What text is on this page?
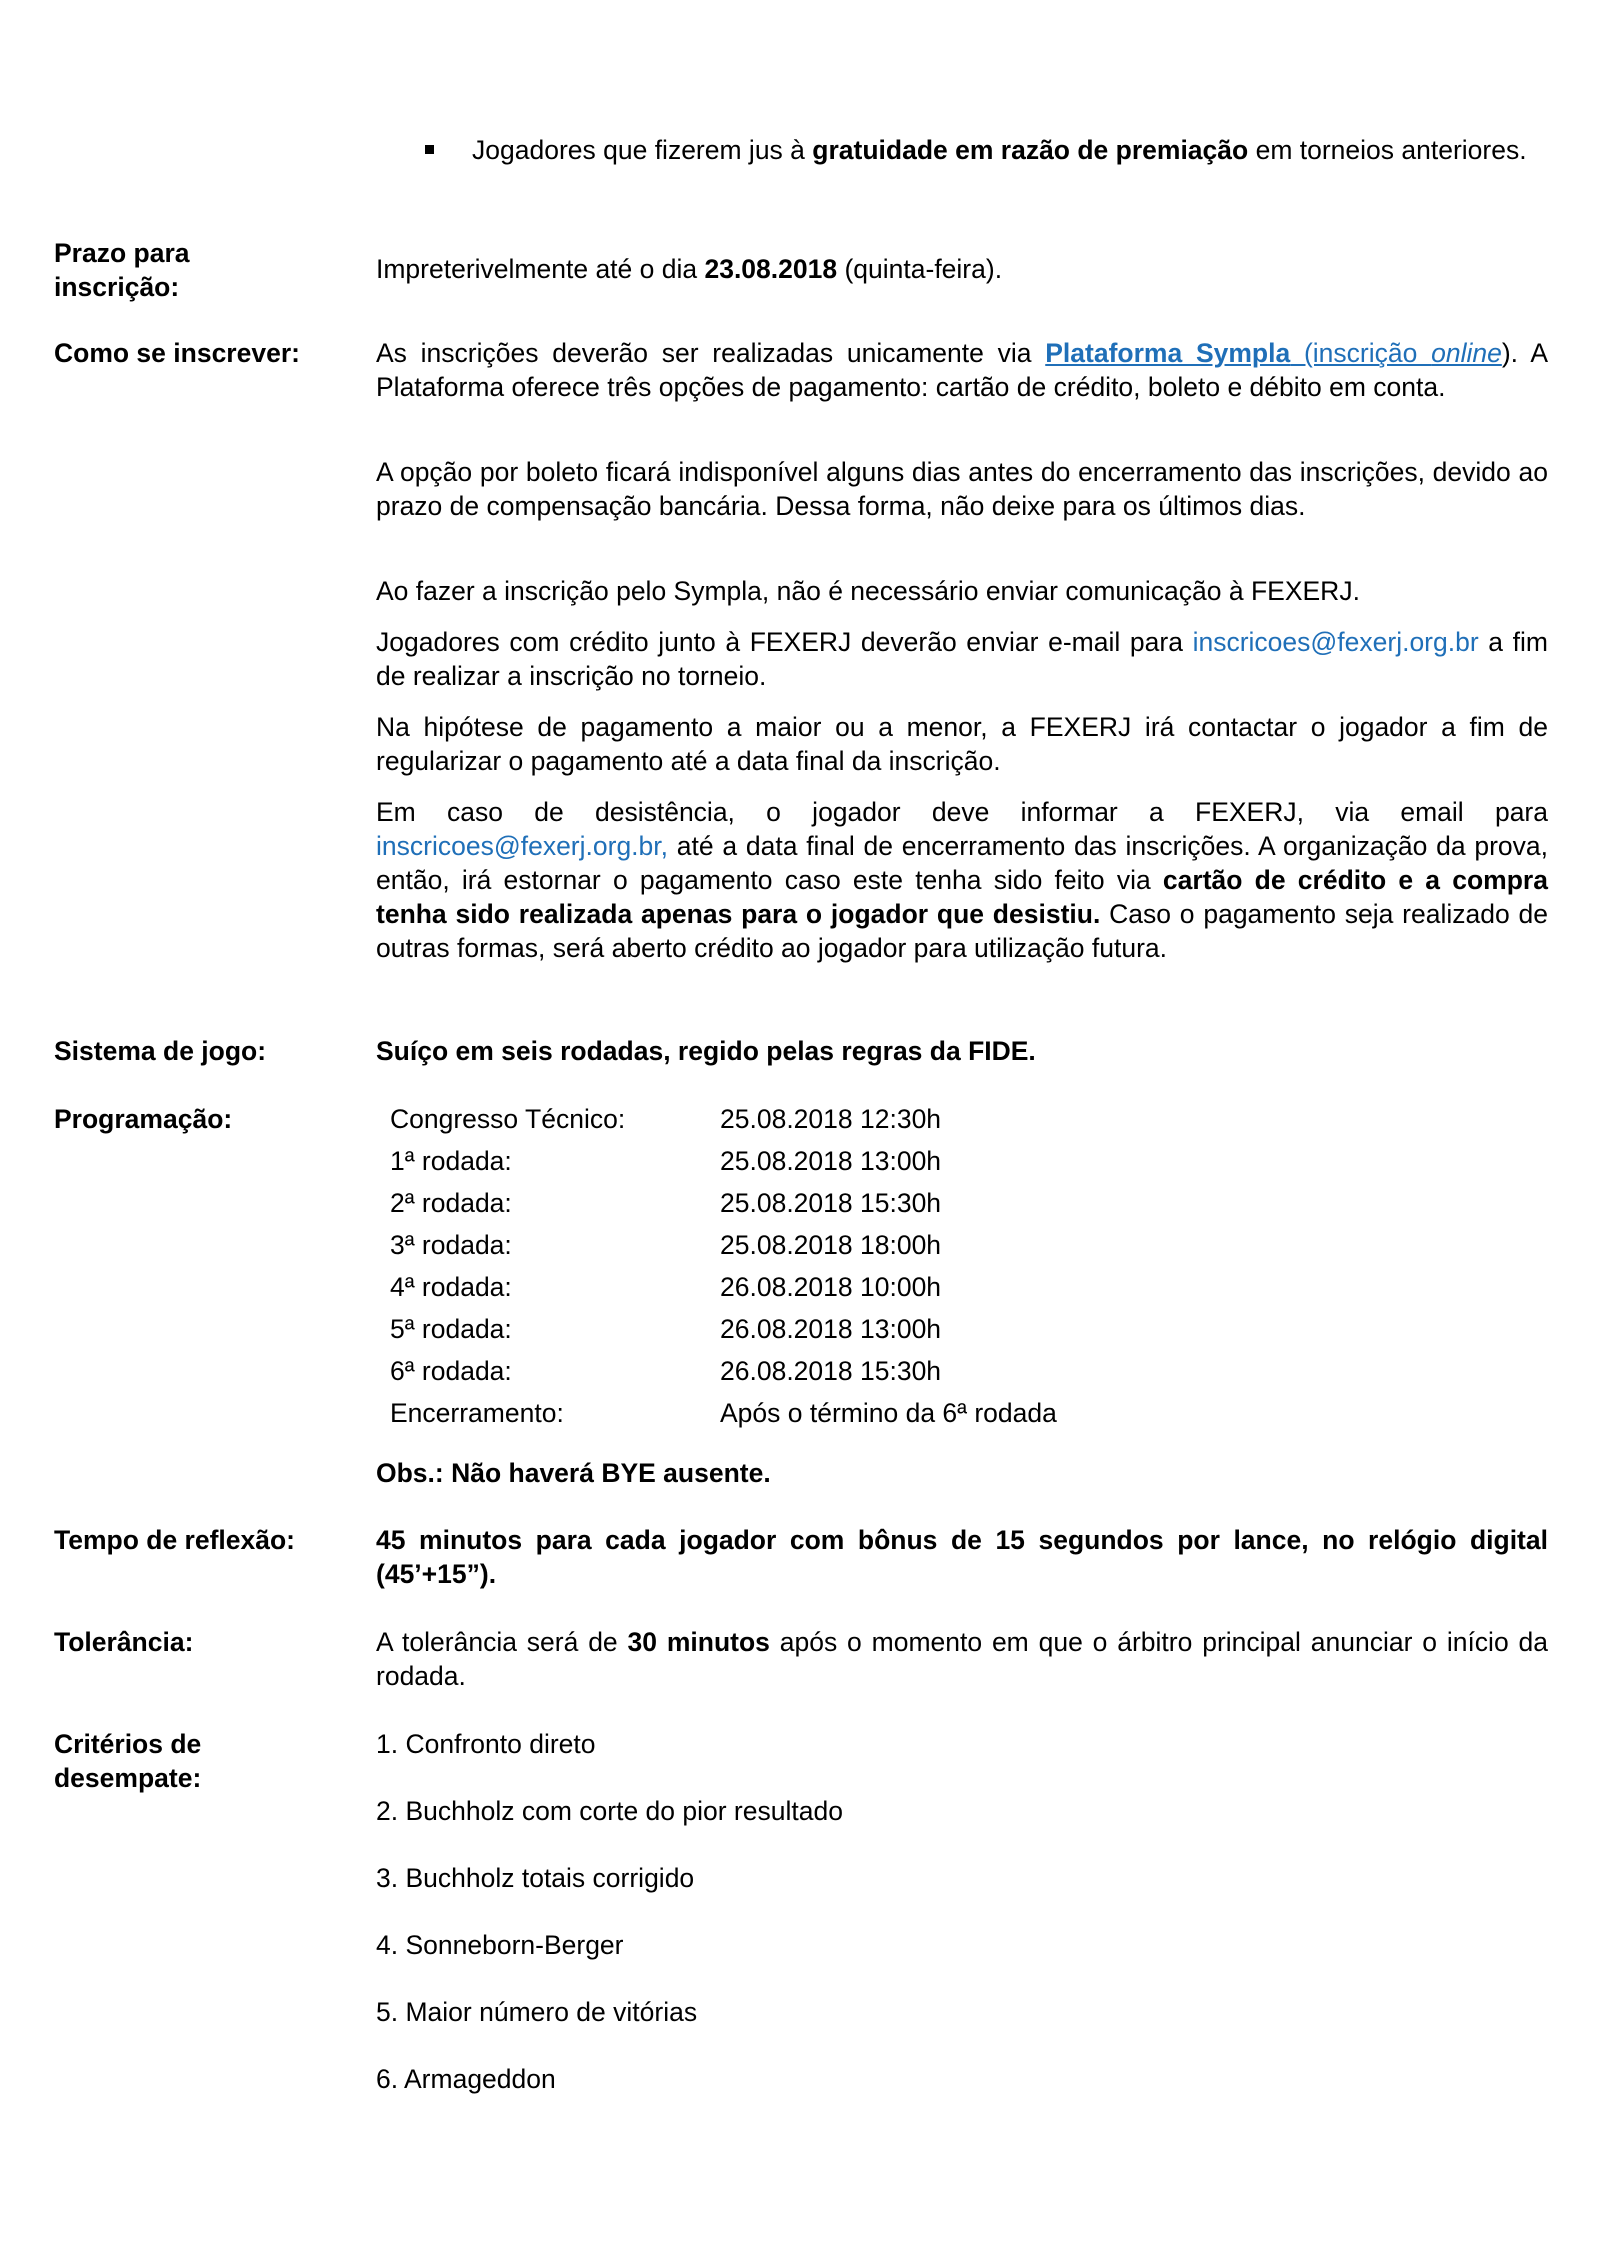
Jogadores que fizerem jus à gratuidade em razão de premiação em torneios anteriores.
Prazo para inscrição:
Impreterivelmente até o dia 23.08.2018 (quinta-feira).
Como se inscrever:	As inscrições deverão ser realizadas unicamente via Plataforma Sympla (inscrição online). A Plataforma oferece três opções de pagamento: cartão de crédito, boleto e débito em conta.
A opção por boleto ficará indisponível alguns dias antes do encerramento das inscrições, devido ao prazo de compensação bancária. Dessa forma, não deixe para os últimos dias.
Ao fazer a inscrição pelo Sympla, não é necessário enviar comunicação à FEXERJ.
Jogadores com crédito junto à FEXERJ deverão enviar e-mail para inscricoes@fexerj.org.br a fim de realizar a inscrição no torneio.
Na hipótese de pagamento a maior ou a menor, a FEXERJ irá contactar o jogador a fim de regularizar o pagamento até a data final da inscrição.
Em caso de desistência, o jogador deve informar a FEXERJ, via email para inscricoes@fexerj.org.br, até a data final de encerramento das inscrições. A organização da prova, então, irá estornar o pagamento caso este tenha sido feito via cartão de crédito e a compra tenha sido realizada apenas para o jogador que desistiu. Caso o pagamento seja realizado de outras formas, será aberto crédito ao jogador para utilização futura.
Sistema de jogo:	Suíço em seis rodadas, regido pelas regras da FIDE.
Programação:	Congresso Técnico:	25.08.2018 12:30h
1ª rodada:	25.08.2018 13:00h
2ª rodada:	25.08.2018 15:30h
3ª rodada:	25.08.2018 18:00h
4ª rodada:	26.08.2018 10:00h
5ª rodada:	26.08.2018 13:00h
6ª rodada:	26.08.2018 15:30h
Encerramento:	Após o término da 6ª rodada
Obs.: Não haverá BYE ausente.
Tempo de reflexão:	45 minutos para cada jogador com bônus de 15 segundos por lance, no relógio digital (45’+15”).
Tolerância:	A tolerância será de 30 minutos após o momento em que o árbitro principal anunciar o início da rodada.
Critérios de desempate:
1. Confronto direto
2. Buchholz com corte do pior resultado
3. Buchholz totais corrigido
4. Sonneborn-Berger
5. Maior número de vitórias
6. Armageddon
